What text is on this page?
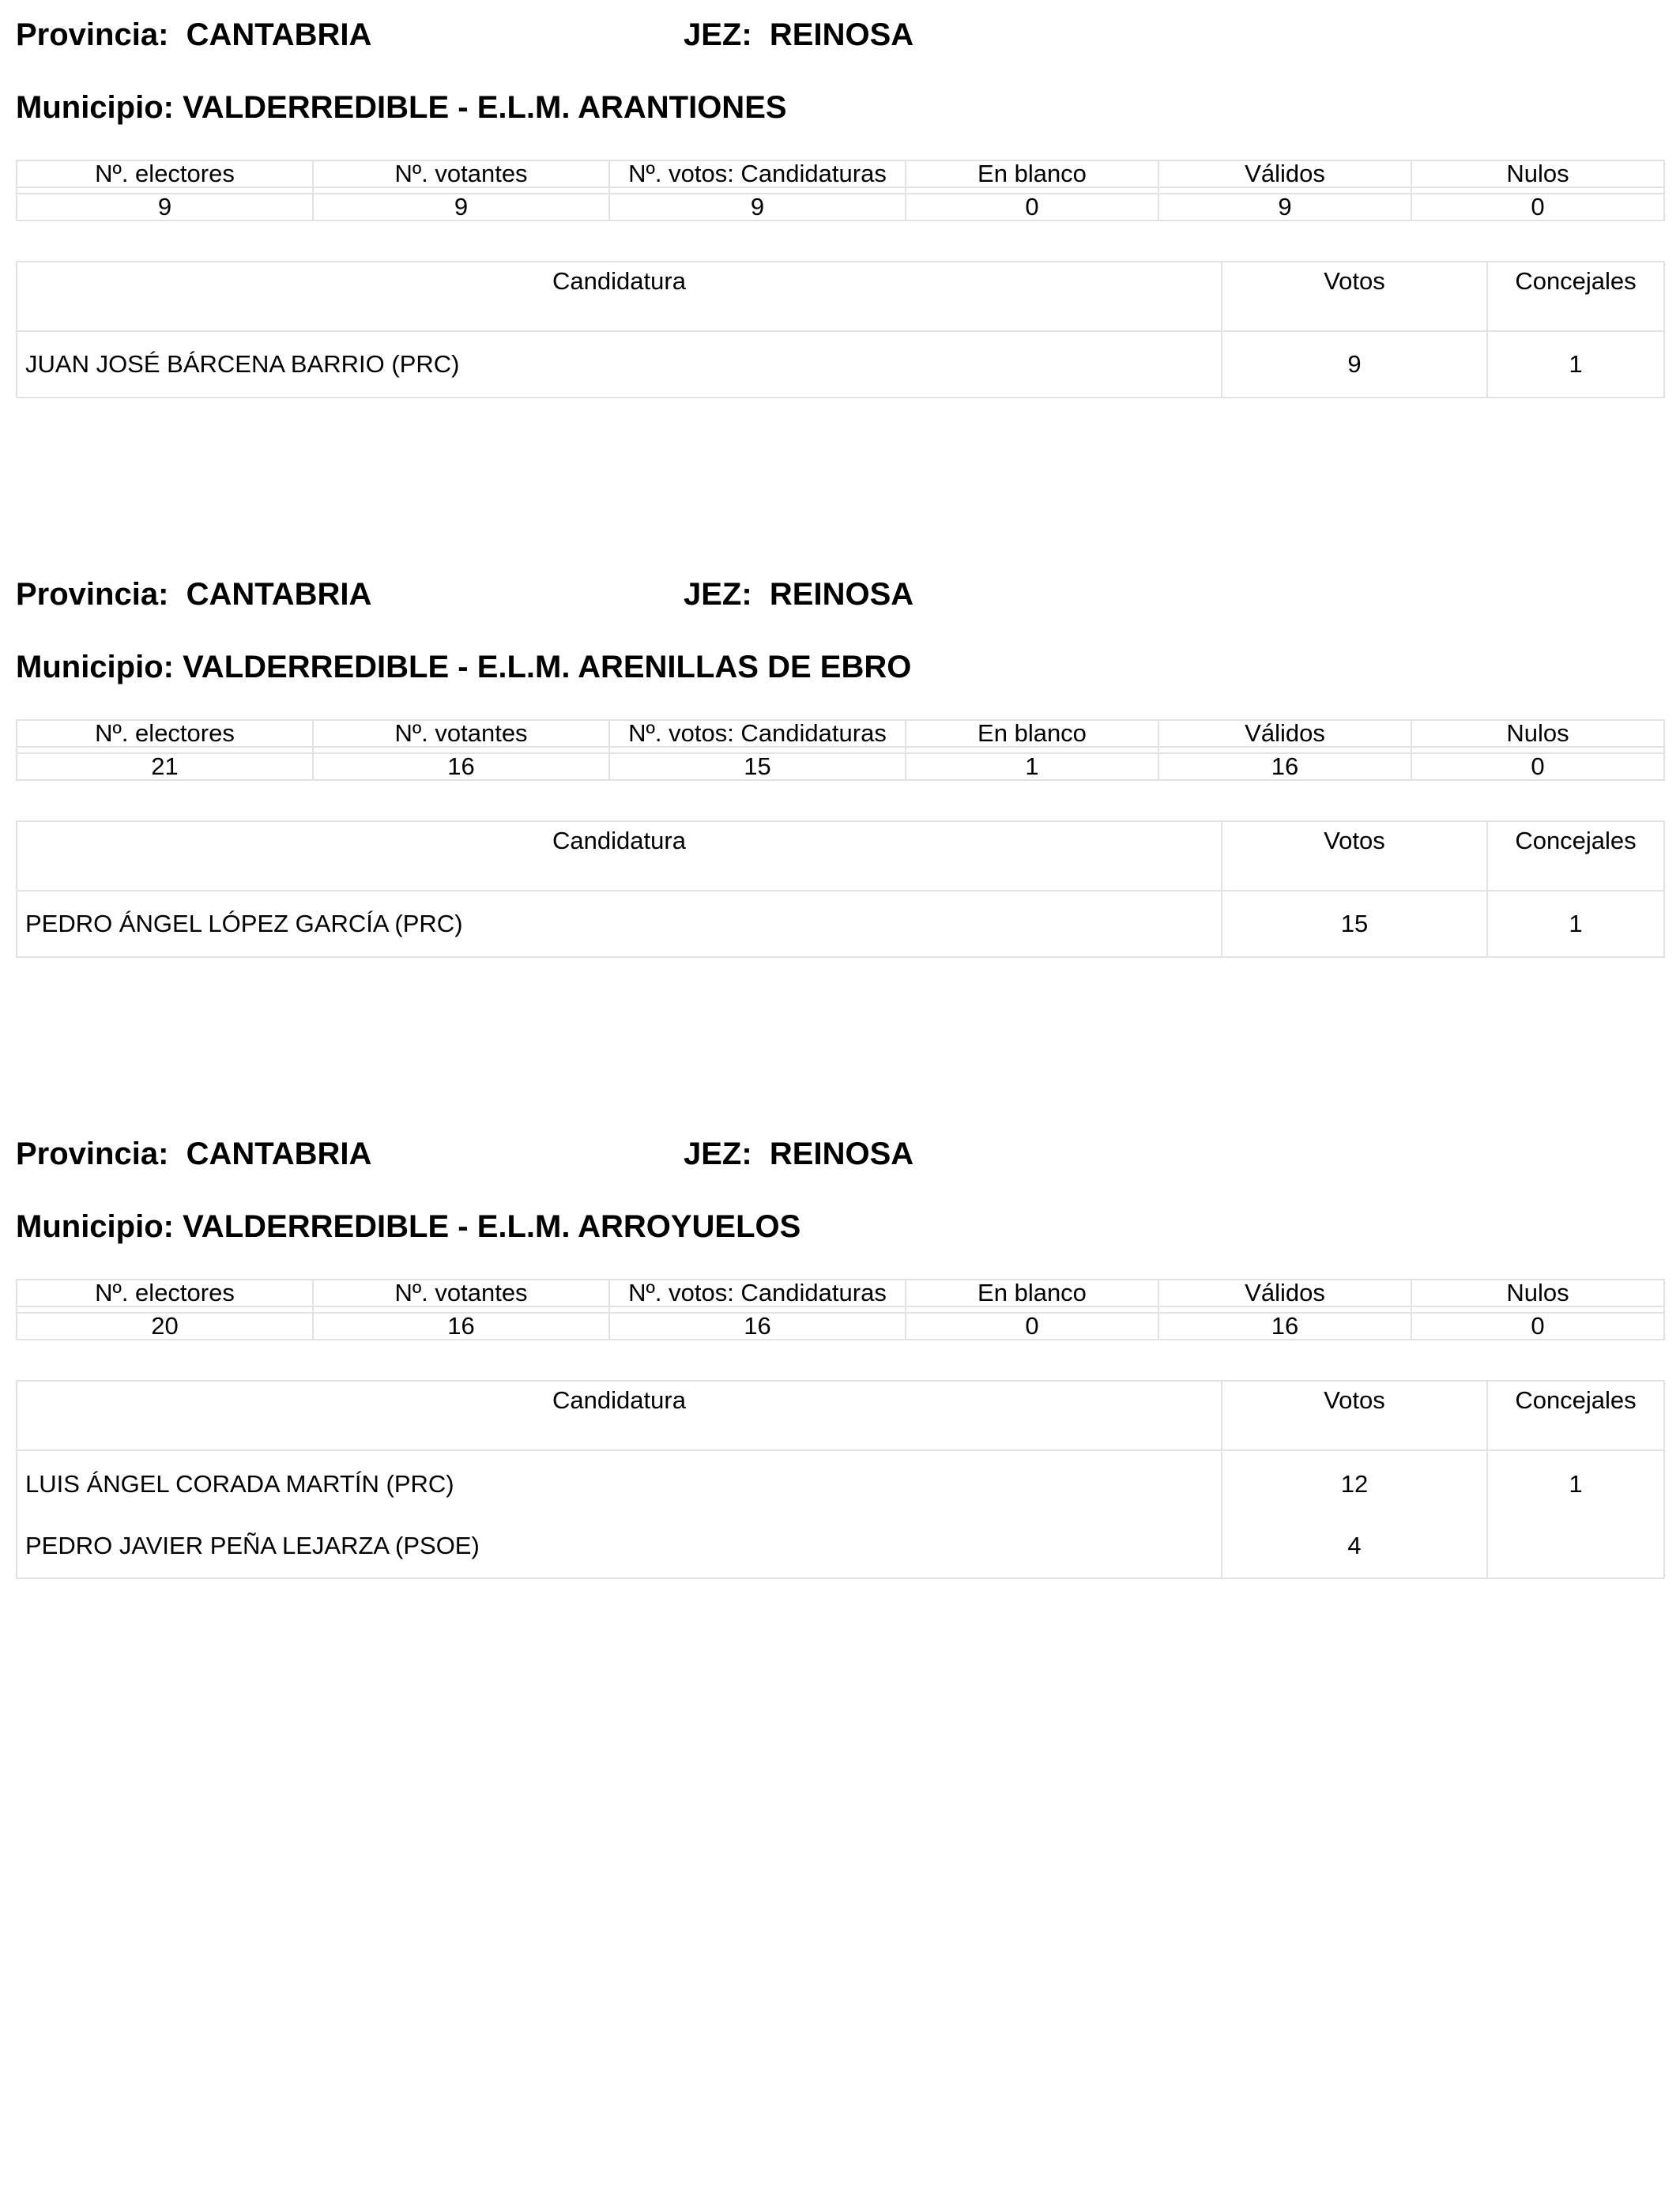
Provincia: CANTABRIA	JEZ: REINOSA
Municipio: VALDERREDIBLE - E.L.M. ARANTIONES
Nº. electores	Nº. votantes	Nº. votos: Candidaturas	En blanco	Válidos	Nulos

9	9	9	0	9	0
Candidatura	Votos	Concejales
JUAN JOSÉ BÁRCENA BARRIO (PRC)	9	1
Provincia: CANTABRIA	JEZ: REINOSA
Municipio: VALDERREDIBLE - E.L.M. ARENILLAS DE EBRO
Nº. electores	Nº. votantes	Nº. votos: Candidaturas	En blanco	Válidos	Nulos

21	16	15	1	16	0
Candidatura	Votos	Concejales
PEDRO ÁNGEL LÓPEZ GARCÍA (PRC)	15	1
Provincia: CANTABRIA	JEZ: REINOSA
Municipio: VALDERREDIBLE - E.L.M. ARROYUELOS
Nº. electores	Nº. votantes	Nº. votos: Candidaturas	En blanco	Válidos	Nulos

20	16	16	0	16	0
Candidatura	Votos	Concejales
LUIS ÁNGEL CORADA MARTÍN (PRC)	12	1
PEDRO JAVIER PEÑA LEJARZA (PSOE)	4	
